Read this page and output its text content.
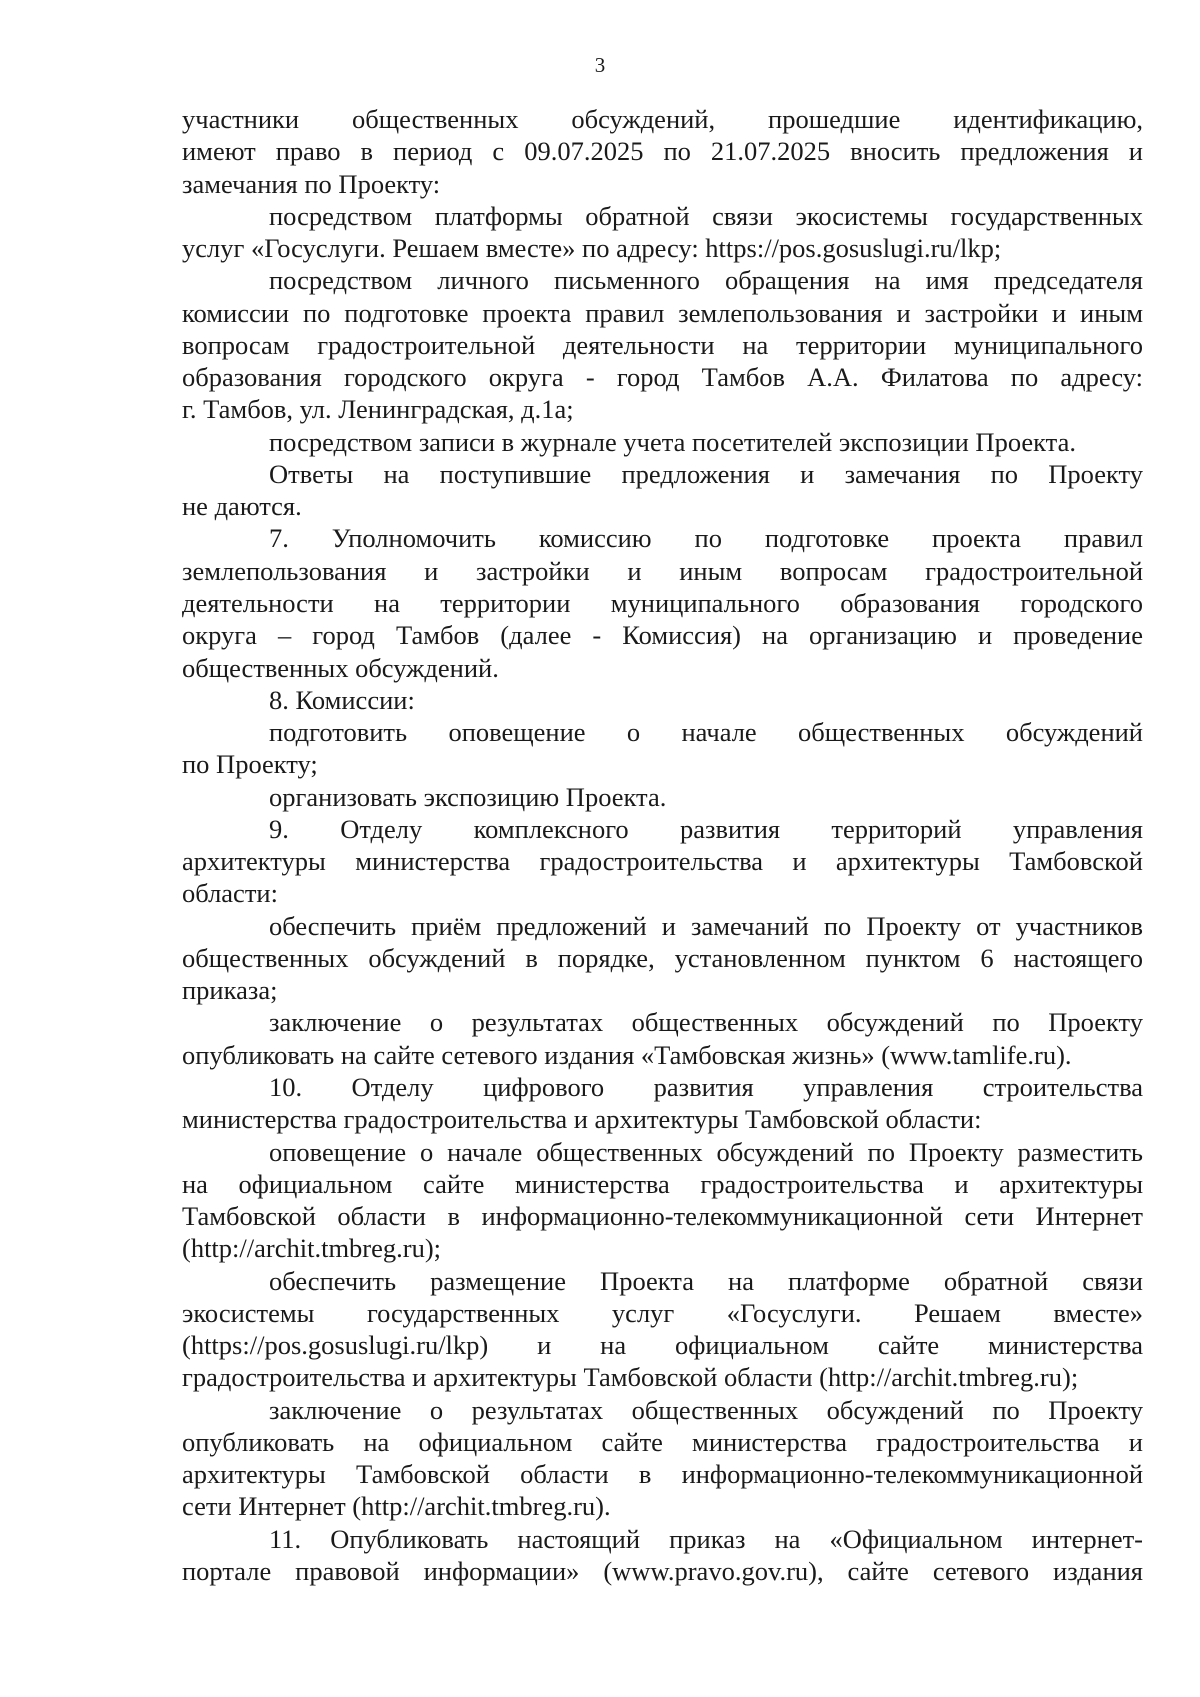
3
участники общественных обсуждений, прошедшие идентификацию,
имеют право в период с 09.07.2025 по 21.07.2025 вносить предложения и
замечания по Проекту:
посредством платформы обратной связи экосистемы государственных
услуг «Госуслуги. Решаем вместе» по адресу: https://pos.gosuslugi.ru/lkp;
посредством личного письменного обращения на имя председателя
комиссии по подготовке проекта правил землепользования и застройки и иным
вопросам градостроительной деятельности на территории муниципального
образования городского округа - город Тамбов А.А. Филатова по адресу:
г. Тамбов, ул. Ленинградская, д.1а;
посредством записи в журнале учета посетителей экспозиции Проекта.
Ответы на поступившие предложения и замечания по Проекту
не даются.
7. Уполномочить комиссию по подготовке проекта правил
землепользования и застройки и иным вопросам градостроительной
деятельности на территории муниципального образования городского
округа – город Тамбов (далее - Комиссия) на организацию и проведение
общественных обсуждений.
8. Комиссии:
подготовить оповещение о начале общественных обсуждений
по Проекту;
организовать экспозицию Проекта.
9. Отделу комплексного развития территорий управления
архитектуры министерства градостроительства и архитектуры Тамбовской
области:
обеспечить приём предложений и замечаний по Проекту от участников
общественных обсуждений в порядке, установленном пунктом 6 настоящего
приказа;
заключение о результатах общественных обсуждений по Проекту
опубликовать на сайте сетевого издания «Тамбовская жизнь» (www.tamlife.ru).
10. Отделу цифрового развития управления строительства
министерства градостроительства и архитектуры Тамбовской области:
оповещение о начале общественных обсуждений по Проекту разместить
на официальном сайте министерства градостроительства и архитектуры
Тамбовской области в информационно-телекоммуникационной сети Интернет
(http://archit.tmbreg.ru);
обеспечить размещение Проекта на платформе обратной связи
экосистемы государственных услуг «Госуслуги. Решаем вместе»
(https://pos.gosuslugi.ru/lkp) и на официальном сайте министерства
градостроительства и архитектуры Тамбовской области (http://archit.tmbreg.ru);
заключение о результатах общественных обсуждений по Проекту
опубликовать на официальном сайте министерства градостроительства и
архитектуры Тамбовской области в информационно-телекоммуникационной
сети Интернет (http://archit.tmbreg.ru).
11. Опубликовать настоящий приказ на «Официальном интернет-
портале правовой информации» (www.pravo.gov.ru), сайте сетевого издания
